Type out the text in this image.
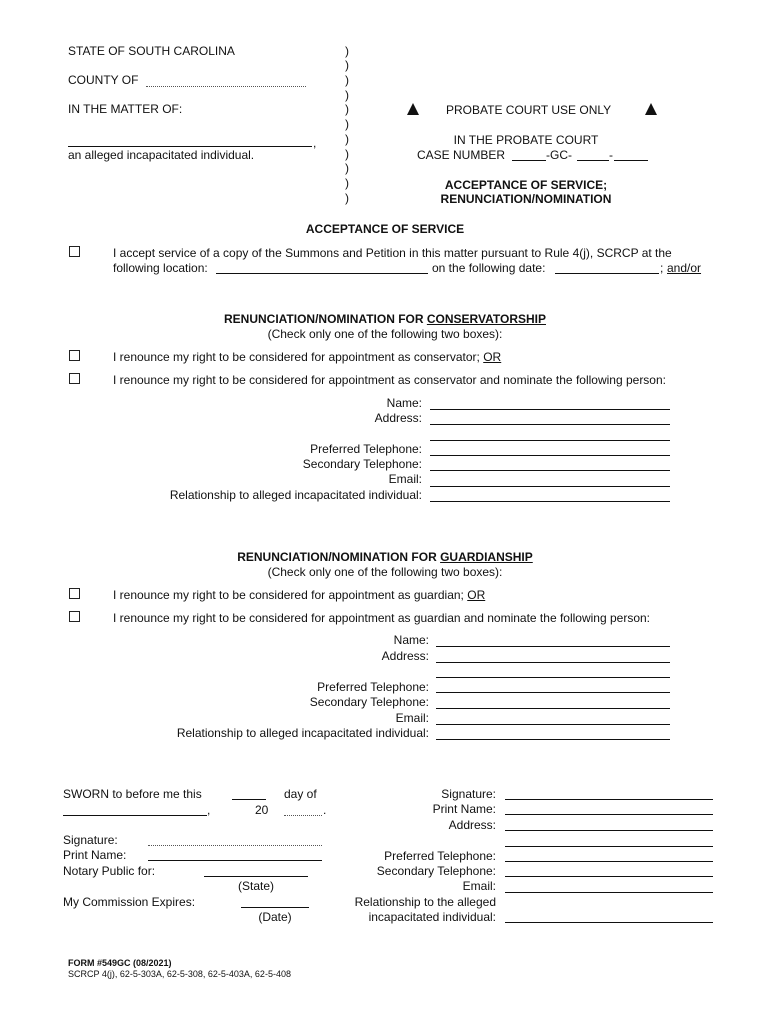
STATE OF SOUTH CAROLINA
COUNTY OF
IN THE MATTER OF:
,
an alleged incapacitated individual.
)
)
)
)
)
)
)
)
)
)
)
PROBATE COURT USE ONLY
IN THE PROBATE COURT
CASE NUMBER	-GC-	-
ACCEPTANCE OF SERVICE;
RENUNCIATION/NOMINATION
ACCEPTANCE OF SERVICE
I accept service of a copy of the Summons and Petition in this matter pursuant to Rule 4(j), SCRCP at the
following location:	on the following date:	; and/or
RENUNCIATION/NOMINATION FOR CONSERVATORSHIP
(Check only one of the following two boxes):
I renounce my right to be considered for appointment as conservator; OR
I renounce my right to be considered for appointment as conservator and nominate the following person:
Name:
Address:
Preferred Telephone:
Secondary Telephone:
Email:
Relationship to alleged incapacitated individual:
RENUNCIATION/NOMINATION FOR GUARDIANSHIP
(Check only one of the following two boxes):
I renounce my right to be considered for appointment as guardian; OR
I renounce my right to be considered for appointment as guardian and nominate the following person:
Name:
Address:
Preferred Telephone:
Secondary Telephone:
Email:
Relationship to alleged incapacitated individual:
SWORN to before me this	day of
,	20	.
Signature:
Print Name:
Notary Public for:
(State)
My Commission Expires:
(Date)
Signature:
Print Name:
Address:
Preferred Telephone:
Secondary Telephone:
Email:
Relationship to the alleged
incapacitated individual:
FORM #549GC (08/2021)
SCRCP 4(j), 62-5-303A, 62-5-308, 62-5-403A, 62-5-408
